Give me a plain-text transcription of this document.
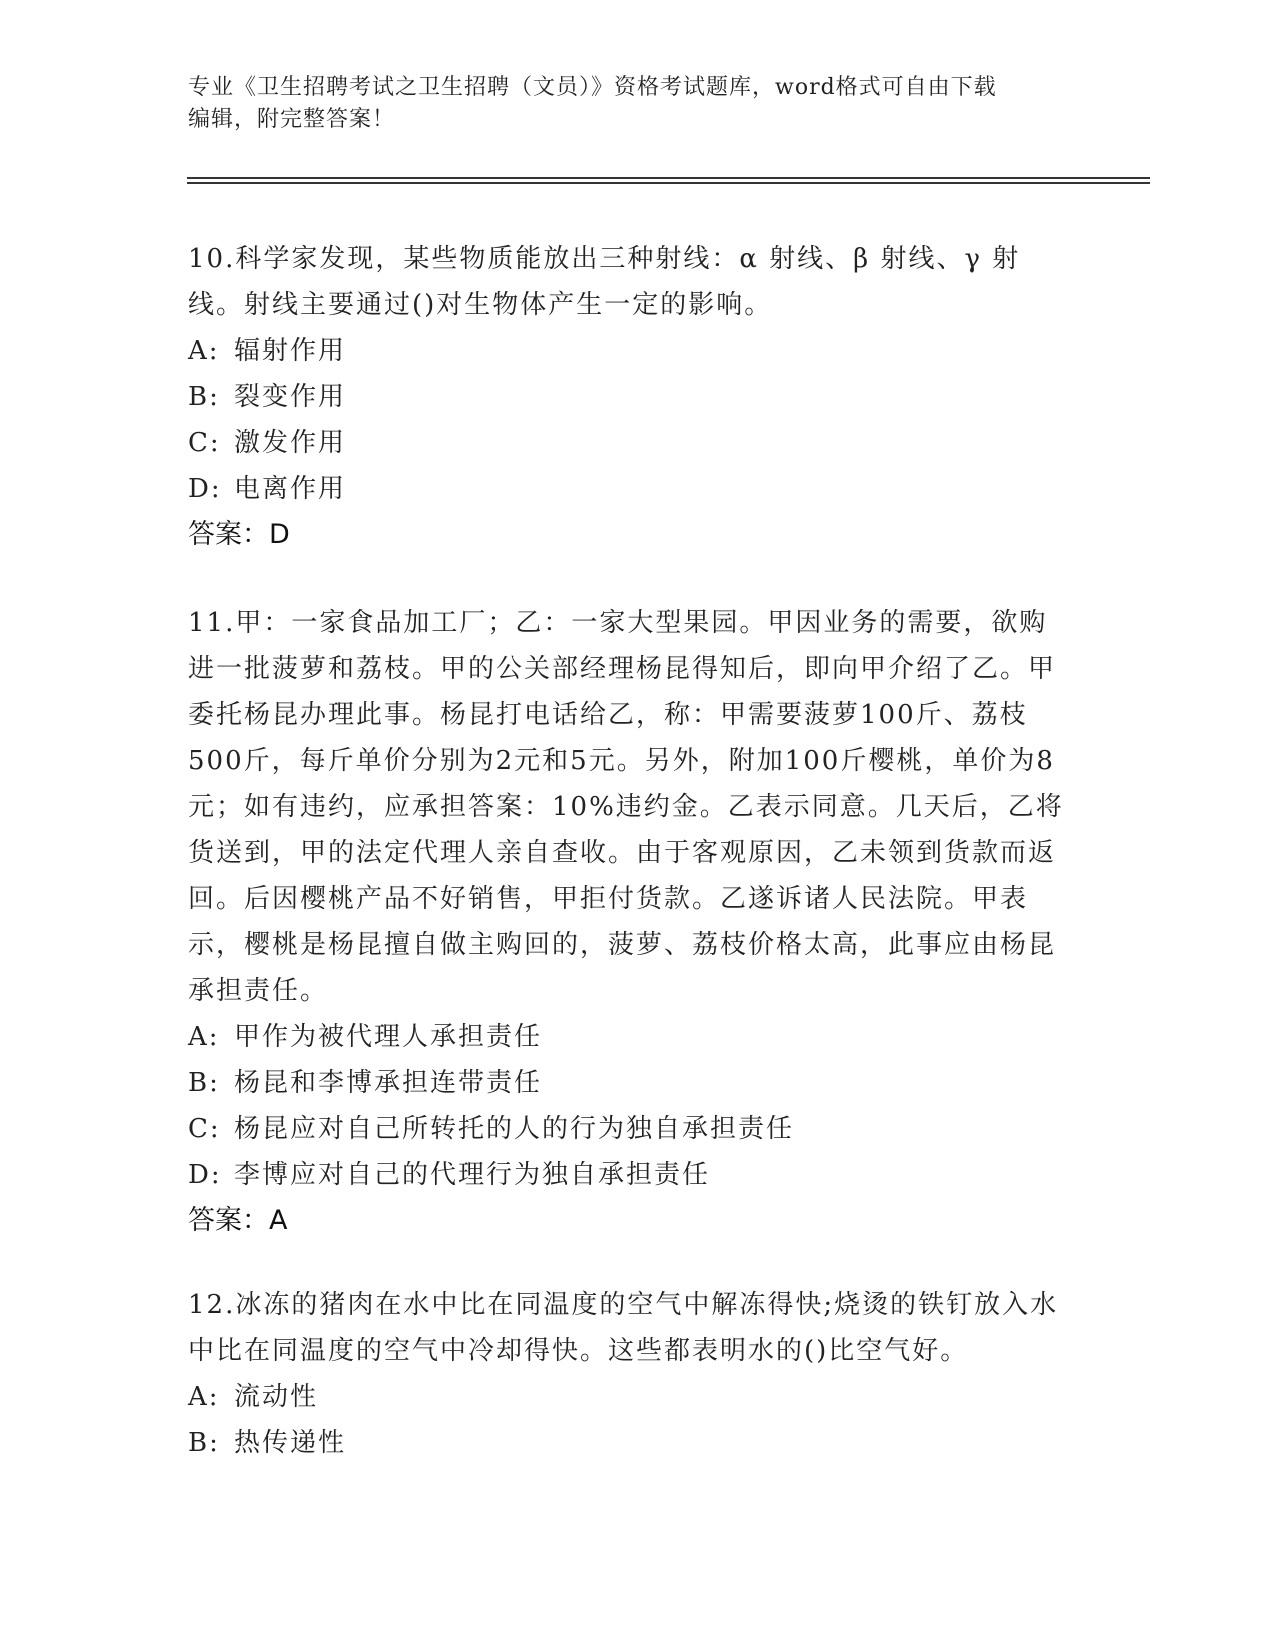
专业《卫生招聘考试之卫生招聘（文员）》资格考试题库，word格式可自由下载
编辑，附完整答案！

10.科学家发现，某些物质能放出三种射线：α 射线、β 射线、γ 射线。射线主要通过()对生物体产生一定的影响。

A: 辐射作用

B: 裂变作用

C: 激发作用

D: 电离作用

答案：D

11.甲：一家食品加工厂；乙：一家大型果园。甲因业务的需要，欲购进一批菠萝和荔枝。甲的公关部经理杨昆得知后，即向甲介绍了乙。甲委托杨昆办理此事。杨昆打电话给乙，称：甲需要菠萝100斤、荔枝500斤，每斤单价分别为2元和5元。另外，附加100斤樱桃，单价为8元；如有违约，应承担答案：10%违约金。乙表示同意。几天后，乙将货送到，甲的法定代理人亲自查收。由于客观原因，乙未领到货款而返回。后因樱桃产品不好销售，甲拒付货款。乙遂诉诸人民法院。甲表示，樱桃是杨昆擅自做主购回的，菠萝、荔枝价格太高，此事应由杨昆承担责任。

A: 甲作为被代理人承担责任

B: 杨昆和李博承担连带责任

C: 杨昆应对自己所转托的人的行为独自承担责任

D: 李博应对自己的代理行为独自承担责任

答案：A

12.冰冻的猪肉在水中比在同温度的空气中解冻得快;烧烫的铁钉放入水中比在同温度的空气中冷却得快。这些都表明水的()比空气好。

A: 流动性

B: 热传递性
